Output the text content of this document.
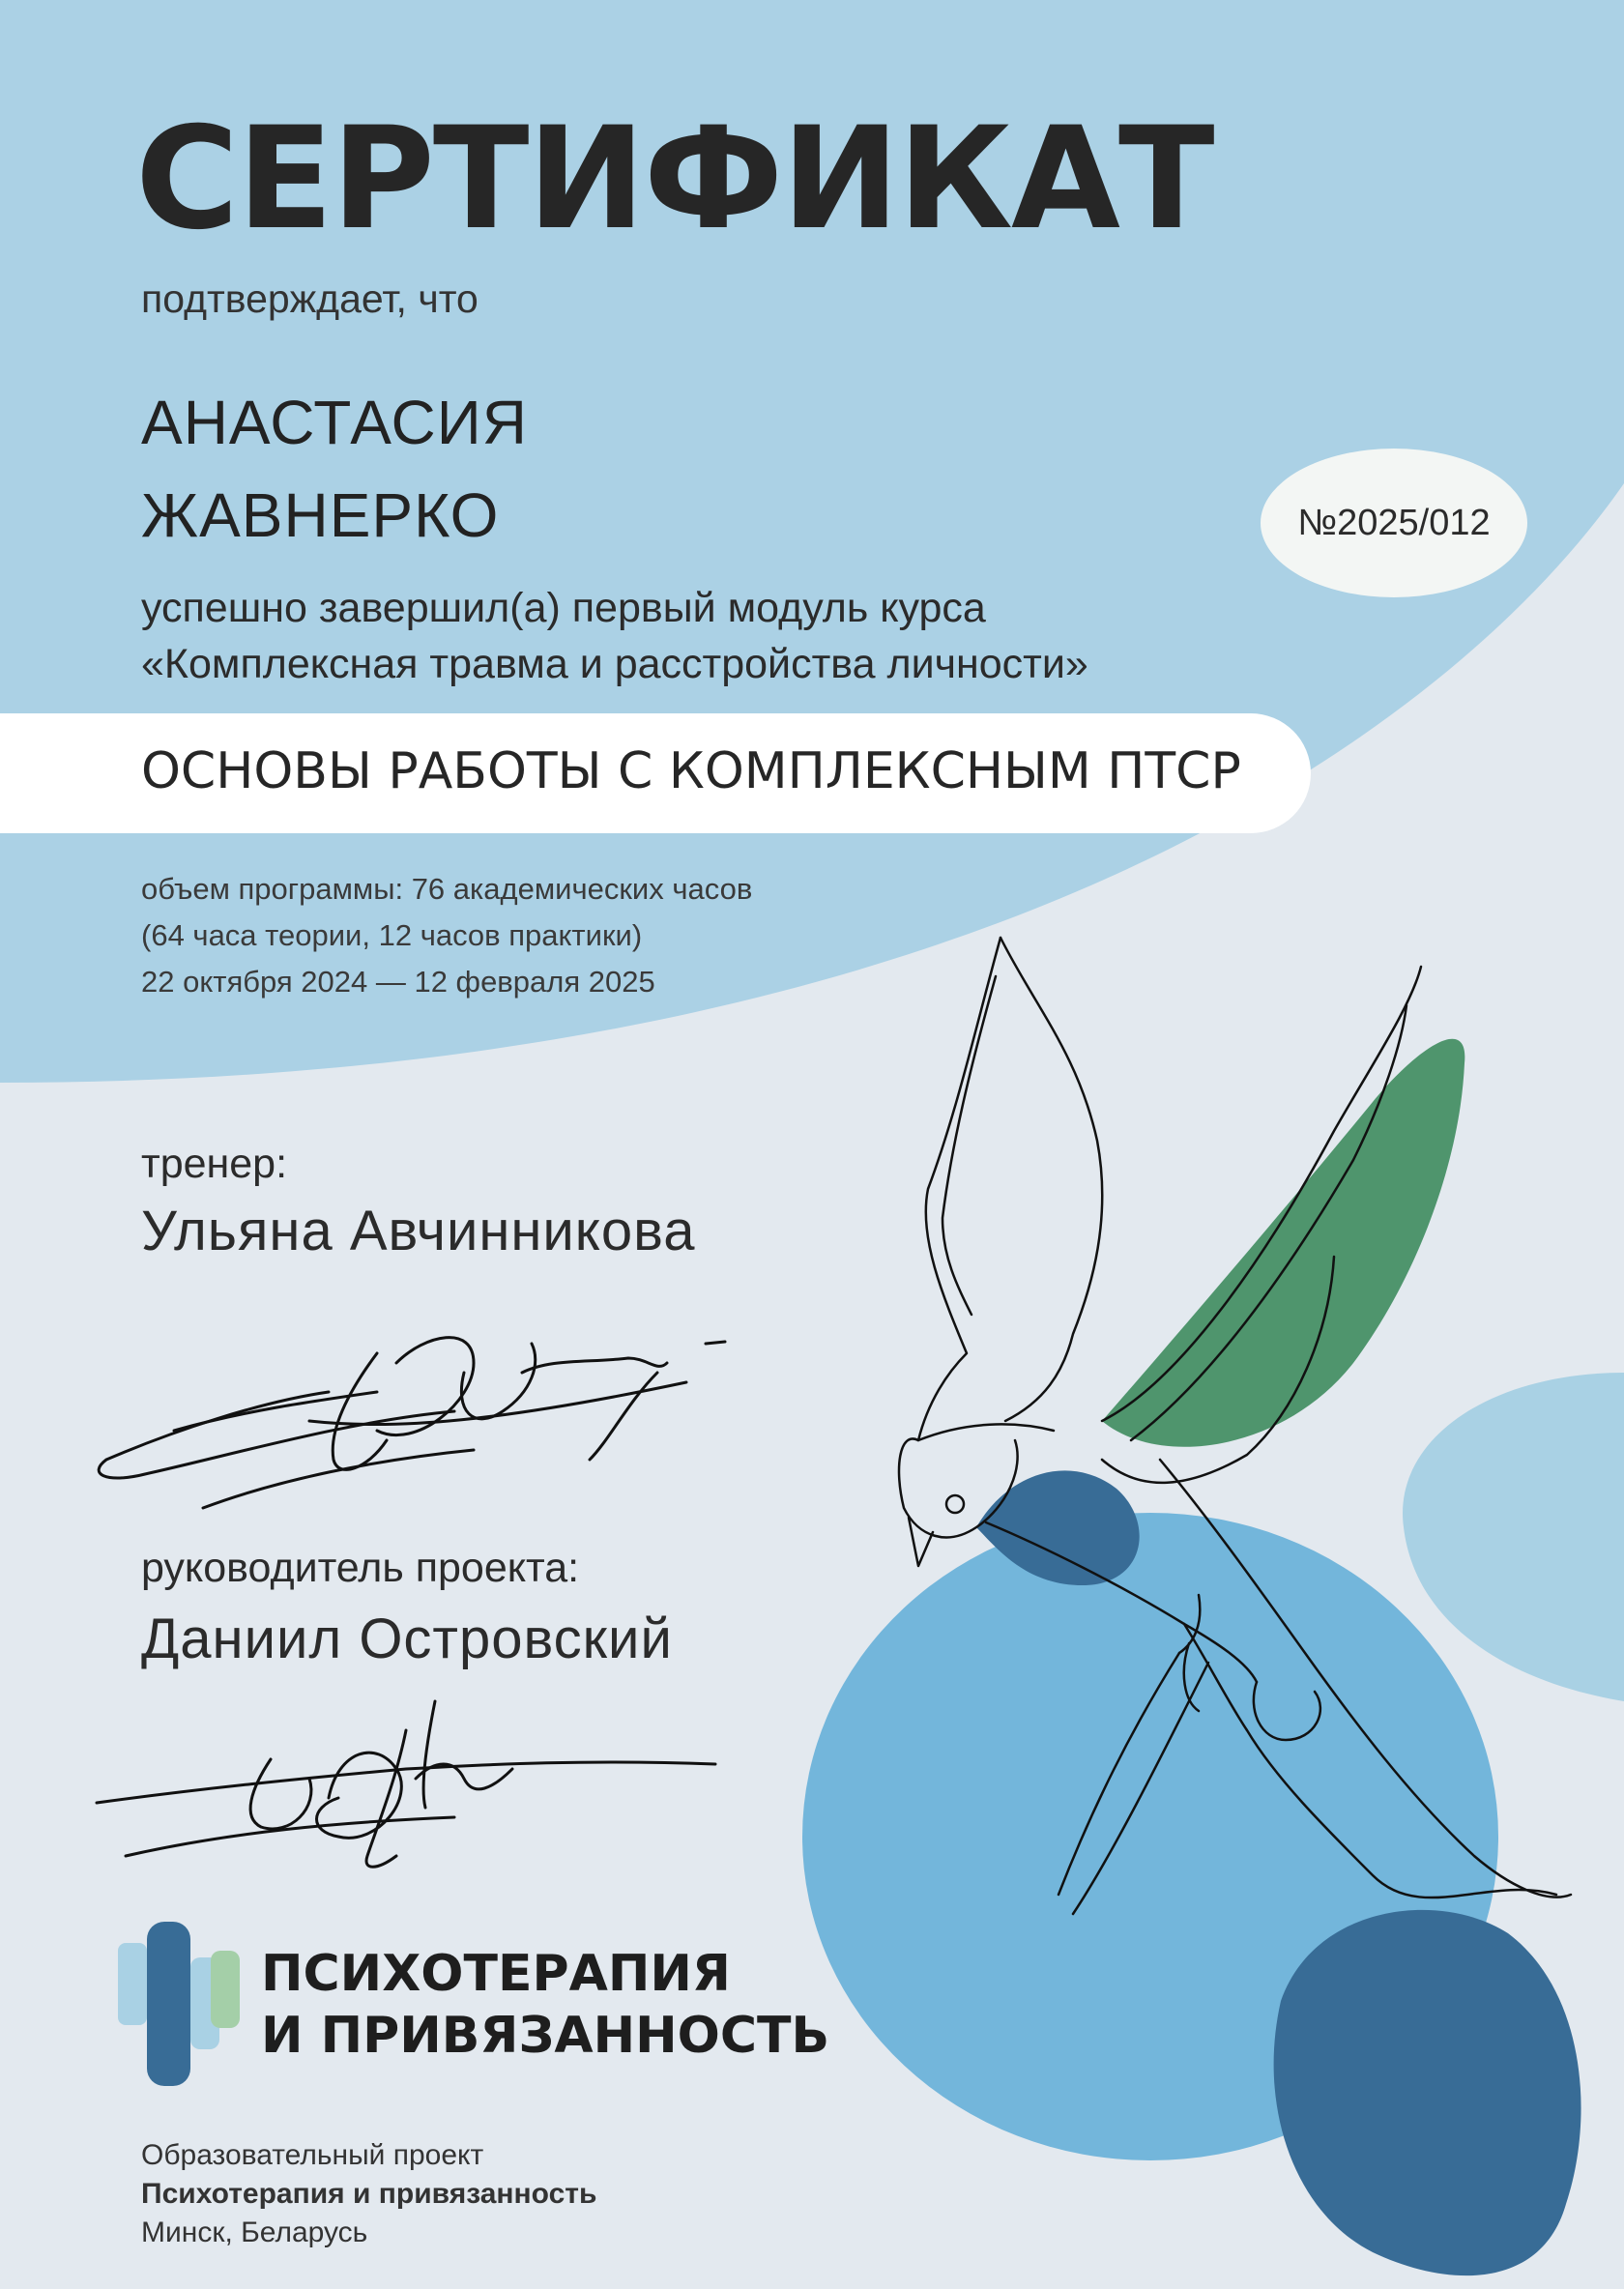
СЕРТИФИКАТ
подтверждает, что
АНАСТАСИЯ
ЖАВНЕРКО	№2025/012
успешно завершил(а) первый модуль курса
«Комплексная травма и расстройства личности»
ОСНОВЫ РАБОТЫ С КОМПЛЕКСНЫМ ПТСР
объем программы: 76 академических часов
(64 часа теории, 12 часов практики)
22 октября 2024 — 12 февраля 2025
тренер:
Ульяна Авчинникова
руководитель проекта:
Даниил Островский
ПСИХОТЕРАПИЯ
И ПРИВЯЗАННОСТЬ
Образовательный проект
Психотерапия и привязанность
Минск, Беларусь
